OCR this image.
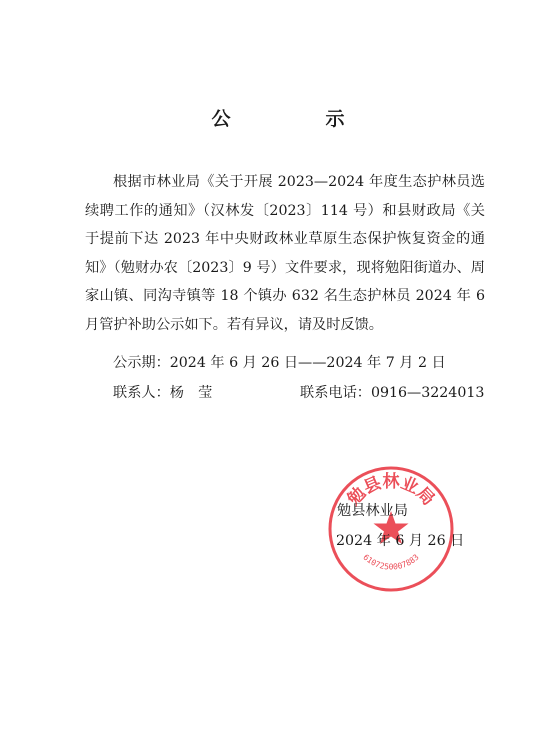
公　示
根据市林业局《关于开展 2023—2024 年度生态护林员选续聘工作的通知》（汉林发〔2023〕114 号）和县财政局《关于提前下达 2023 年中央财政林业草原生态保护恢复资金的通知》（勉财办农〔2023〕9 号）文件要求，现将勉阳街道办、周家山镇、同沟寺镇等 18 个镇办 632 名生态护林员 2024 年 6 月管护补助公示如下。若有异议，请及时反馈。
公示期：2024 年 6 月 26 日——2024 年 7 月 2 日
联系人：杨　莹	联系电话：0916—3224013
勉县林业局
6107250007883
勉县林业局
2024 年 6 月 26 日
